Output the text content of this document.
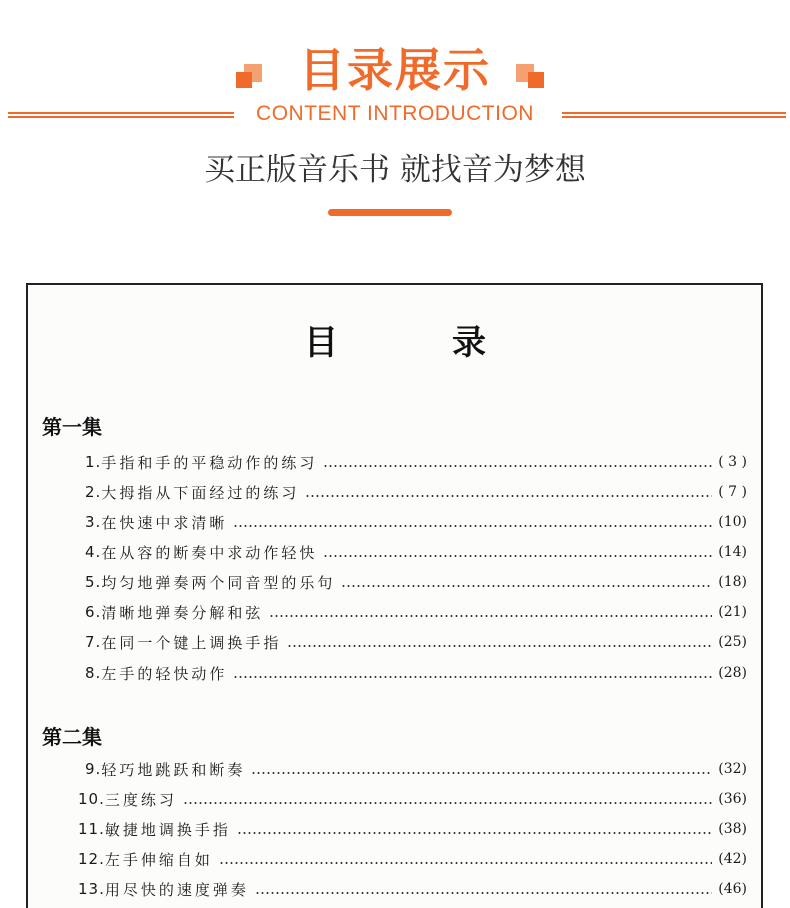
目录展示
CONTENT INTRODUCTION
买正版音乐书 就找音为梦想
目	录
第一集
1. 手指和手的平稳动作的练习	( 3 )
2. 大拇指从下面经过的练习	( 7 )
3. 在快速中求清晰	(10)
4. 在从容的断奏中求动作轻快	(14)
5. 均匀地弹奏两个同音型的乐句	(18)
6. 清晰地弹奏分解和弦	(21)
7. 在同一个键上调换手指	(25)
8. 左手的轻快动作	(28)
第二集
9. 轻巧地跳跃和断奏	(32)
10. 三度练习	(36)
11. 敏捷地调换手指	(38)
12. 左手伸缩自如	(42)
13. 用尽快的速度弹奏	(46)
